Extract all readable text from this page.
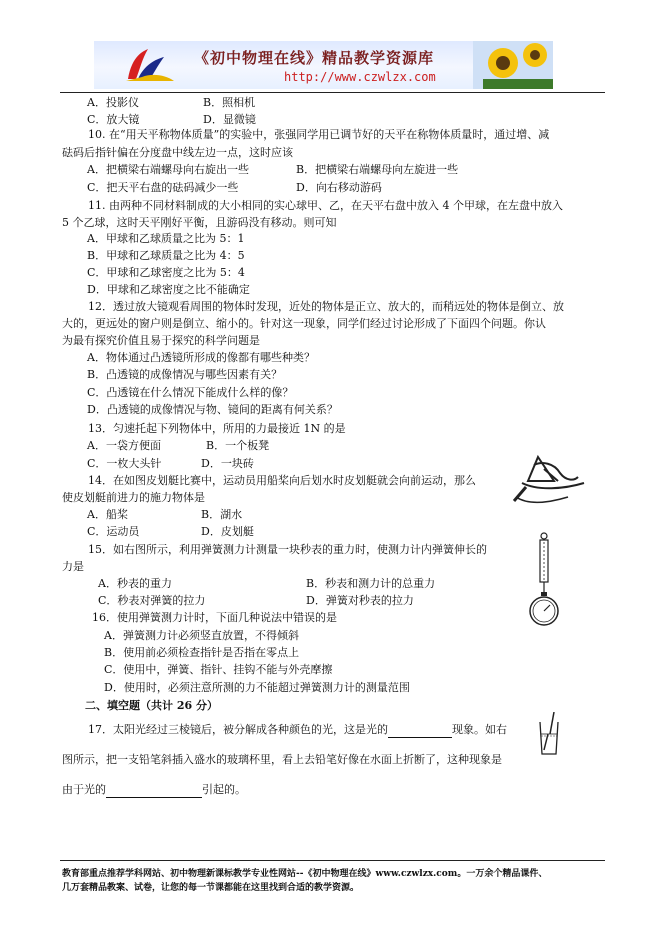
《初中物理在线》精品教学资源库
http://www.czwlzx.com
A．投影仪	B．照相机
C．放大镜	D．显微镜
10. 在“用天平称物体质量”的实验中，张强同学用已调节好的天平在称物体质量时，通过增、减
砝码后指针偏在分度盘中线左边一点，这时应该
A．把横梁右端螺母向右旋出一些	B．把横梁右端螺母向左旋进一些
C．把天平右盘的砝码减少一些	D．向右移动游码
11. 由两种不同材料制成的大小相同的实心球甲、乙，在天平右盘中放入 4 个甲球，在左盘中放入
5 个乙球，这时天平刚好平衡，且游码没有移动。则可知
A．甲球和乙球质量之比为 5：1
B．甲球和乙球质量之比为 4：5
C．甲球和乙球密度之比为 5：4
D．甲球和乙球密度之比不能确定
12．透过放大镜观看周围的物体时发现，近处的物体是正立、放大的，而稍远处的物体是倒立、放
大的，更远处的窗户则是倒立、缩小的。针对这一现象，同学们经过讨论形成了下面四个问题。你认
为最有探究价值且易于探究的科学问题是
A．物体通过凸透镜所形成的像都有哪些种类？
B．凸透镜的成像情况与哪些因素有关？
C．凸透镜在什么情况下能成什么样的像？
D．凸透镜的成像情况与物、镜间的距离有何关系？
13．匀速托起下列物体中，所用的力最接近 1N 的是
A．一袋方便面	B．一个板凳
C．一枚大头针	D．一块砖
14．在如图皮划艇比赛中，运动员用船桨向后划水时皮划艇就会向前运动，那么
使皮划艇前进力的施力物体是
A．船桨	B．湖水
C．运动员	D．皮划艇
15．如右图所示，利用弹簧测力计测量一块秒表的重力时，使测力计内弹簧伸长的
力是
A．秒表的重力	B．秒表和测力计的总重力
C．秒表对弹簧的拉力	D．弹簧对秒表的拉力
16．使用弹簧测力计时，下面几种说法中错误的是
A．弹簧测力计必须竖直放置，不得倾斜
B．使用前必须检查指针是否指在零点上
C．使用中，弹簧、指针、挂钩不能与外壳摩擦
D．使用时，必须注意所测的力不能超过弹簧测力计的测量范围
二、填空题（共计 26 分）
17．太阳光经过三棱镜后，被分解成各种颜色的光，这是光的	现象。如右
图所示，把一支铅笔斜插入盛水的玻璃杯里，看上去铅笔好像在水面上折断了，这种现象是
由于光的	引起的。
教育部重点推荐学科网站、初中物理新课标教学专业性网站--《初中物理在线》www.czwlzx.com。一万余个精品课件、
几万套精品教案、试卷，让您的每一节课都能在这里找到合适的教学资源。
